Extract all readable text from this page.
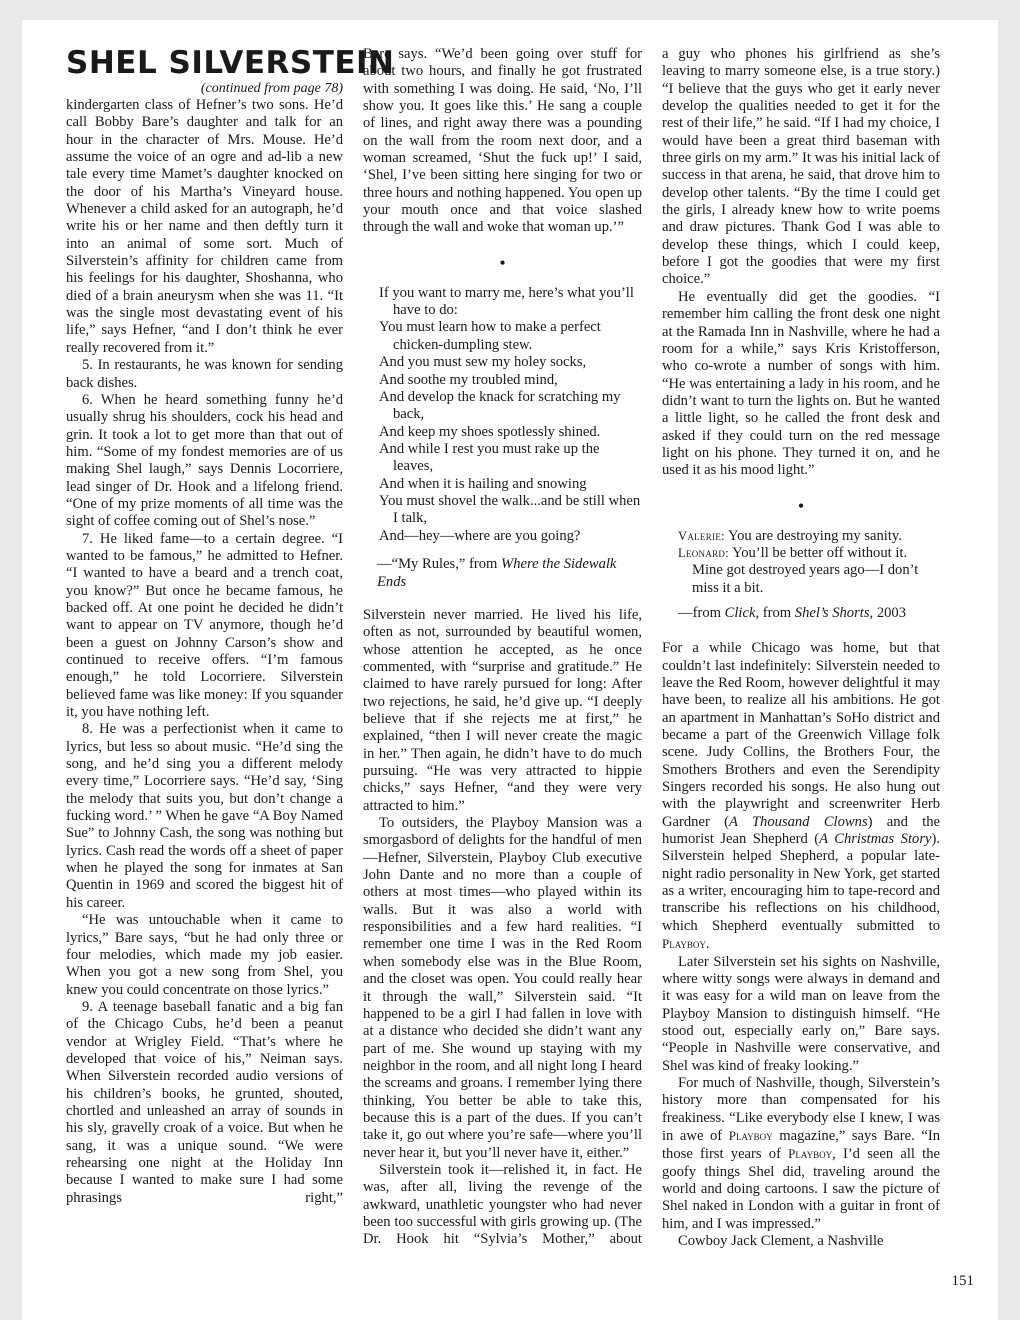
SHEL SILVERSTEIN

(continued from page 78)

kindergarten class of Hefner’s two sons. He’d call Bobby Bare’s daughter and talk for an hour in the character of Mrs. Mouse. He’d assume the voice of an ogre and ad-lib a new tale every time Mamet’s daughter knocked on the door of his Martha’s Vineyard house. Whenever a child asked for an autograph, he’d write his or her name and then deftly turn it into an animal of some sort. Much of Silverstein’s affinity for children came from his feelings for his daughter, Shoshanna, who died of a brain aneurysm when she was 11. “It was the single most devastating event of his life,” says Hefner, “and I don’t think he ever really recovered from it.”

5. In restaurants, he was known for sending back dishes.

6. When he heard something funny he’d usually shrug his shoulders, cock his head and grin. It took a lot to get more than that out of him. “Some of my fondest memories are of us making Shel laugh,” says Dennis Locorriere, lead singer of Dr. Hook and a lifelong friend. “One of my prize moments of all time was the sight of coffee coming out of Shel’s nose.”

7. He liked fame—to a certain degree. “I wanted to be famous,” he admitted to Hefner. “I wanted to have a beard and a trench coat, you know?” But once he became famous, he backed off. At one point he decided he didn’t want to appear on TV anymore, though he’d been a guest on Johnny Carson’s show and continued to receive offers. “I’m famous enough,” he told Locorriere. Silverstein believed fame was like money: If you squander it, you have nothing left.

8. He was a perfectionist when it came to lyrics, but less so about music. “He’d sing the song, and he’d sing you a different melody every time,” Locorriere says. “He’d say, ‘Sing the melody that suits you, but don’t change a fucking word.’ ” When he gave “A Boy Named Sue” to Johnny Cash, the song was nothing but lyrics. Cash read the words off a sheet of paper when he played the song for inmates at San Quentin in 1969 and scored the biggest hit of his career.

“He was untouchable when it came to lyrics,” Bare says, “but he had only three or four melodies, which made my job easier. When you got a new song from Shel, you knew you could concentrate on those lyrics.”

9. A teenage baseball fanatic and a big fan of the Chicago Cubs, he’d been a peanut vendor at Wrigley Field. “That’s where he developed that voice of his,” Neiman says. When Silverstein recorded audio versions of his children’s books, he grunted, shouted, chortled and unleashed an array of sounds in his sly, gravelly croak of a voice. But when he sang, it was a unique sound. “We were rehearsing one night at the Holiday Inn because I wanted to make sure I had some phrasings right,”

Bare says. “We’d been going over stuff for about two hours, and finally he got frustrated with something I was doing. He said, ‘No, I’ll show you. It goes like this.’ He sang a couple of lines, and right away there was a pounding on the wall from the room next door, and a woman screamed, ‘Shut the fuck up!’ I said, ‘Shel, I’ve been sitting here singing for two or three hours and nothing happened. You open up your mouth once and that voice slashed through the wall and woke that woman up.’”

•
If you want to marry me, here’s what you’ll have to do:
You must learn how to make a perfect chicken-dumpling stew.
And you must sew my holey socks,
And soothe my troubled mind,
And develop the knack for scratching my back,
And keep my shoes spotlessly shined.
And while I rest you must rake up the leaves,
And when it is hailing and snowing
You must shovel the walk...and be still when I talk,
And—hey—where are you going?
—“My Rules,” from Where the Sidewalk Ends

Silverstein never married. He lived his life, often as not, surrounded by beautiful women, whose attention he accepted, as he once commented, with “surprise and gratitude.” He claimed to have rarely pursued for long: After two rejections, he said, he’d give up. “I deeply believe that if she rejects me at first,” he explained, “then I will never create the magic in her.” Then again, he didn’t have to do much pursuing. “He was very attracted to hippie chicks,” says Hefner, “and they were very attracted to him.”

To outsiders, the Playboy Mansion was a smorgasbord of delights for the handful of men—Hefner, Silverstein, Playboy Club executive John Dante and no more than a couple of others at most times—who played within its walls. But it was also a world with responsibilities and a few hard realities. “I remember one time I was in the Red Room when somebody else was in the Blue Room, and the closet was open. You could really hear it through the wall,” Silverstein said. “It happened to be a girl I had fallen in love with at a distance who decided she didn’t want any part of me. She wound up staying with my neighbor in the room, and all night long I heard the screams and groans. I remember lying there thinking, You better be able to take this, because this is a part of the dues. If you can’t take it, go out where you’re safe—where you’ll never hear it, but you’ll never have it, either.”

Silverstein took it—relished it, in fact. He was, after all, living the revenge of the awkward, unathletic youngster who had never been too successful with girls growing up. (The Dr. Hook hit “Sylvia’s Mother,” about

a guy who phones his girlfriend as she’s leaving to marry someone else, is a true story.) “I believe that the guys who get it early never develop the qualities needed to get it for the rest of their life,” he said. “If I had my choice, I would have been a great third baseman with three girls on my arm.” It was his initial lack of success in that arena, he said, that drove him to develop other talents. “By the time I could get the girls, I already knew how to write poems and draw pictures. Thank God I was able to develop these things, which I could keep, before I got the goodies that were my first choice.”

He eventually did get the goodies. “I remember him calling the front desk one night at the Ramada Inn in Nashville, where he had a room for a while,” says Kris Kristofferson, who co-wrote a number of songs with him. “He was entertaining a lady in his room, and he didn’t want to turn the lights on. But he wanted a little light, so he called the front desk and asked if they could turn on the red message light on his phone. They turned it on, and he used it as his mood light.”

•
Valerie: You are destroying my sanity.
Leonard: You’ll be better off without it. Mine got destroyed years ago—I don’t miss it a bit.
—from Click, from Shel’s Shorts, 2003

For a while Chicago was home, but that couldn’t last indefinitely: Silverstein needed to leave the Red Room, however delightful it may have been, to realize all his ambitions. He got an apartment in Manhattan’s SoHo district and became a part of the Greenwich Village folk scene. Judy Collins, the Brothers Four, the Smothers Brothers and even the Serendipity Singers recorded his songs. He also hung out with the playwright and screenwriter Herb Gardner (A Thousand Clowns) and the humorist Jean Shepherd (A Christmas Story). Silverstein helped Shepherd, a popular late-night radio personality in New York, get started as a writer, encouraging him to tape-record and transcribe his reflections on his childhood, which Shepherd eventually submitted to Playboy.

Later Silverstein set his sights on Nashville, where witty songs were always in demand and it was easy for a wild man on leave from the Playboy Mansion to distinguish himself. “He stood out, especially early on,” Bare says. “People in Nashville were conservative, and Shel was kind of freaky looking.”

For much of Nashville, though, Silverstein’s history more than compensated for his freakiness. “Like everybody else I knew, I was in awe of Playboy magazine,” says Bare. “In those first years of Playboy, I’d seen all the goofy things Shel did, traveling around the world and doing cartoons. I saw the picture of Shel naked in London with a guitar in front of him, and I was impressed.”

Cowboy Jack Clement, a Nashville

151
